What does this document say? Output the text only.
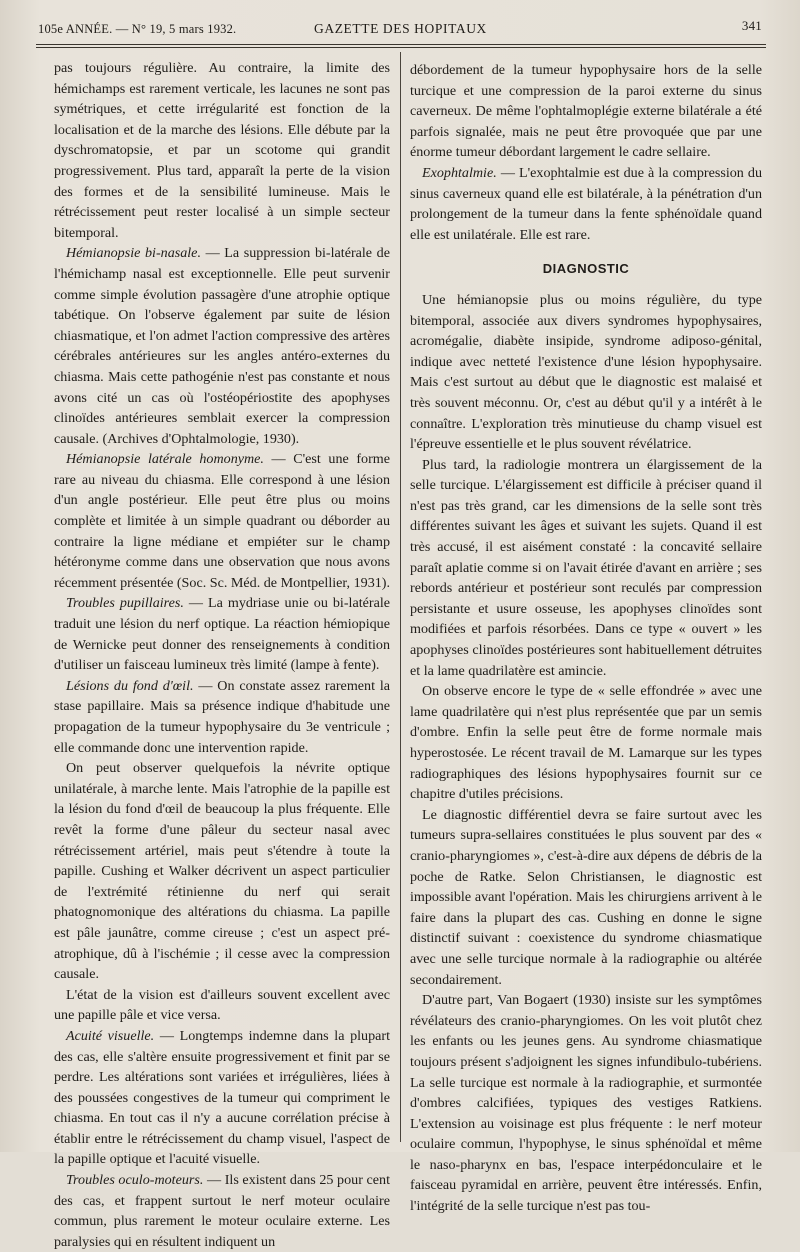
105e ANNÉE. — N° 19, 5 mars 1932.	GAZETTE DES HOPITAUX	341

pas toujours régulière. Au contraire, la limite des hémichamps est rarement verticale, les lacunes ne sont pas symétriques, et cette irrégularité est fonction de la localisation et de la marche des lésions. Elle débute par la dyschromatopsie, et par un scotome qui grandit progressivement. Plus tard, apparaît la perte de la vision des formes et de la sensibilité lumineuse. Mais le rétrécissement peut rester localisé à un simple secteur bitemporal.

Hémianopsie bi-nasale. — La suppression bi-latérale de l'hémichamp nasal est exceptionnelle. Elle peut survenir comme simple évolution passagère d'une atrophie optique tabétique. On l'observe également par suite de lésion chiasmatique, et l'on admet l'action compressive des artères cérébrales antérieures sur les angles antéro-externes du chiasma. Mais cette pathogénie n'est pas constante et nous avons cité un cas où l'ostéopériostite des apophyses clinoïdes antérieures semblait exercer la compression causale. (Archives d'Ophtalmologie, 1930).

Hémianopsie latérale homonyme. — C'est une forme rare au niveau du chiasma. Elle correspond à une lésion d'un angle postérieur. Elle peut être plus ou moins complète et limitée à un simple quadrant ou déborder au contraire la ligne médiane et empiéter sur le champ hétéronyme comme dans une observation que nous avons récemment présentée (Soc. Sc. Méd. de Montpellier, 1931).

Troubles pupillaires. — La mydriase unie ou bi-latérale traduit une lésion du nerf optique. La réaction hémiopique de Wernicke peut donner des renseignements à condition d'utiliser un faisceau lumineux très limité (lampe à fente).

Lésions du fond d'œil. — On constate assez rarement la stase papillaire. Mais sa présence indique d'habitude une propagation de la tumeur hypophysaire du 3e ventricule ; elle commande donc une intervention rapide.

On peut observer quelquefois la névrite optique unilatérale, à marche lente. Mais l'atrophie de la papille est la lésion du fond d'œil de beaucoup la plus fréquente. Elle revêt la forme d'une pâleur du secteur nasal avec rétrécissement artériel, mais peut s'étendre à toute la papille. Cushing et Walker décrivent un aspect particulier de l'extrémité rétinienne du nerf qui serait phatognomonique des altérations du chiasma. La papille est pâle jaunâtre, comme cireuse ; c'est un aspect pré-atrophique, dû à l'ischémie ; il cesse avec la compression causale.

L'état de la vision est d'ailleurs souvent excellent avec une papille pâle et vice versa.

Acuité visuelle. — Longtemps indemne dans la plupart des cas, elle s'altère ensuite progressivement et finit par se perdre. Les altérations sont variées et irrégulières, liées à des poussées congestives de la tumeur qui compriment le chiasma. En tout cas il n'y a aucune corrélation précise à établir entre le rétrécissement du champ visuel, l'aspect de la papille optique et l'acuité visuelle.

Troubles oculo-moteurs. — Ils existent dans 25 pour cent des cas, et frappent surtout le nerf moteur oculaire commun, plus rarement le moteur oculaire externe. Les paralysies qui en résultent indiquent un

débordement de la tumeur hypophysaire hors de la selle turcique et une compression de la paroi externe du sinus caverneux. De même l'ophtalmoplégie externe bilatérale a été parfois signalée, mais ne peut être provoquée que par une énorme tumeur débordant largement le cadre sellaire.

Exophtalmie. — L'exophtalmie est due à la compression du sinus caverneux quand elle est bilatérale, à la pénétration d'un prolongement de la tumeur dans la fente sphénoïdale quand elle est unilatérale. Elle est rare.

DIAGNOSTIC

Une hémianopsie plus ou moins régulière, du type bitemporal, associée aux divers syndromes hypophysaires, acromégalie, diabète insipide, syndrome adiposo-génital, indique avec netteté l'existence d'une lésion hypophysaire. Mais c'est surtout au début que le diagnostic est malaisé et très souvent méconnu. Or, c'est au début qu'il y a intérêt à le connaître. L'exploration très minutieuse du champ visuel est l'épreuve essentielle et le plus souvent révélatrice.

Plus tard, la radiologie montrera un élargissement de la selle turcique. L'élargissement est difficile à préciser quand il n'est pas très grand, car les dimensions de la selle sont très différentes suivant les âges et suivant les sujets. Quand il est très accusé, il est aisément constaté : la concavité sellaire paraît aplatie comme si on l'avait étirée d'avant en arrière ; ses rebords antérieur et postérieur sont reculés par compression persistante et usure osseuse, les apophyses clinoïdes sont modifiées et parfois résorbées. Dans ce type « ouvert » les apophyses clinoïdes postérieures sont habituellement détruites et la lame quadrilatère est amincie.

On observe encore le type de « selle effondrée » avec une lame quadrilatère qui n'est plus représentée que par un semis d'ombre. Enfin la selle peut être de forme normale mais hyperostosée. Le récent travail de M. Lamarque sur les types radiographiques des lésions hypophysaires fournit sur ce chapitre d'utiles précisions.

Le diagnostic différentiel devra se faire surtout avec les tumeurs supra-sellaires constituées le plus souvent par des « cranio-pharyngiomes », c'est-à-dire aux dépens de débris de la poche de Ratke. Selon Christiansen, le diagnostic est impossible avant l'opération. Mais les chirurgiens arrivent à le faire dans la plupart des cas. Cushing en donne le signe distinctif suivant : coexistence du syndrome chiasmatique avec une selle turcique normale à la radiographie ou altérée secondairement.

D'autre part, Van Bogaert (1930) insiste sur les symptômes révélateurs des cranio-pharyngiomes. On les voit plutôt chez les enfants ou les jeunes gens. Au syndrome chiasmatique toujours présent s'adjoignent les signes infundibulo-tubériens. La selle turcique est normale à la radiographie, et surmontée d'ombres calcifiées, typiques des vestiges Ratkiens. L'extension au voisinage est plus fréquente : le nerf moteur oculaire commun, l'hypophyse, le sinus sphénoïdal et même le naso-pharynx en bas, l'espace interpédonculaire et le faisceau pyramidal en arrière, peuvent être intéressés. Enfin, l'intégrité de la selle turcique n'est pas tou-
